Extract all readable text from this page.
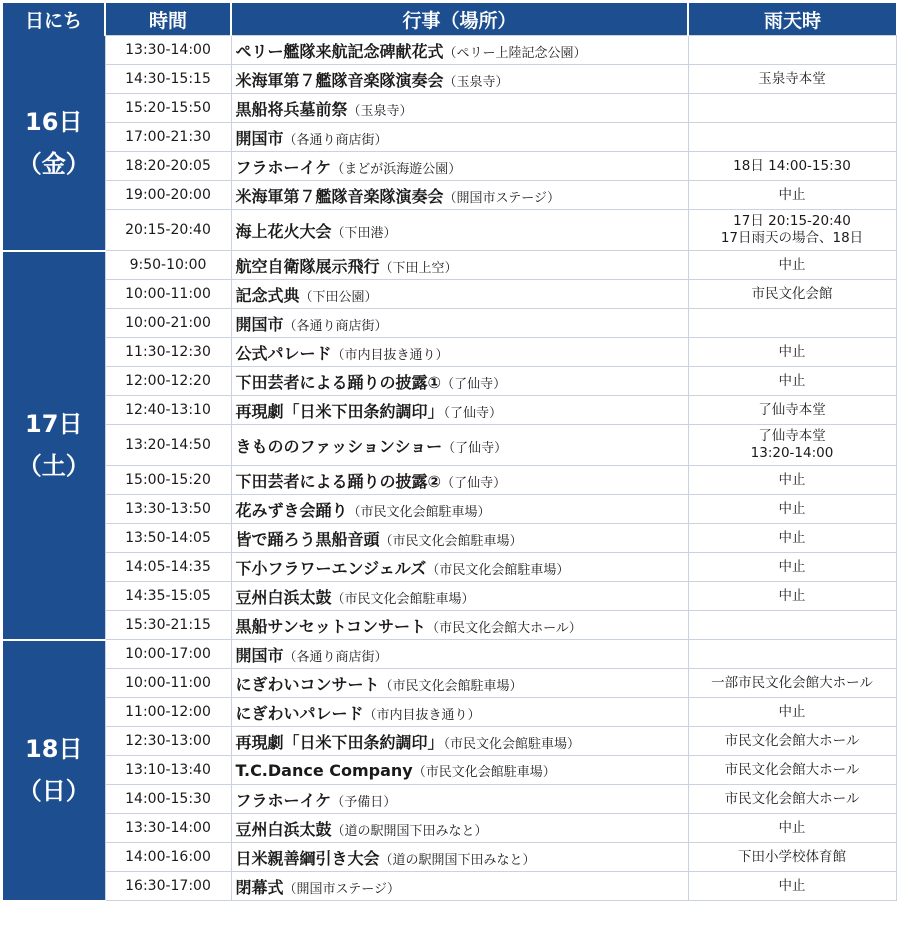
日にち	時間	行事（場所）	雨天時

16日
（金）	13:30-14:00	ペリー艦隊来航記念碑献花式（ペリー上陸記念公園）	

	14:30-15:15	米海軍第７艦隊音楽隊演奏会（玉泉寺）	玉泉寺本堂

	15:20-15:50	黒船将兵墓前祭（玉泉寺）	

	17:00-21:30	開国市（各通り商店街）	

	18:20-20:05	フラホーイケ（まどが浜海遊公園）	18日 14:00-15:30

	19:00-20:00	米海軍第７艦隊音楽隊演奏会（開国市ステージ）	中止

	20:15-20:40	海上花火大会（下田港）	17日 20:15-20:40
17日雨天の場合、18日

17日
（土）	9:50-10:00	航空自衛隊展示飛行（下田上空）	中止

	10:00-11:00	記念式典（下田公園）	市民文化会館

	10:00-21:00	開国市（各通り商店街）	

	11:30-12:30	公式パレード（市内目抜き通り）	中止

	12:00-12:20	下田芸者による踊りの披露①（了仙寺）	中止

	12:40-13:10	再現劇「日米下田条約調印」（了仙寺）	了仙寺本堂

	13:20-14:50	きもののファッションショー（了仙寺）	了仙寺本堂
13:20-14:00

	15:00-15:20	下田芸者による踊りの披露②（了仙寺）	中止

	13:30-13:50	花みずき会踊り（市民文化会館駐車場）	中止

	13:50-14:05	皆で踊ろう黒船音頭（市民文化会館駐車場）	中止

	14:05-14:35	下小フラワーエンジェルズ（市民文化会館駐車場）	中止

	14:35-15:05	豆州白浜太鼓（市民文化会館駐車場）	中止

	15:30-21:15	黒船サンセットコンサート（市民文化会館大ホール）	

18日
（日）	10:00-17:00	開国市（各通り商店街）	

	10:00-11:00	にぎわいコンサート（市民文化会館駐車場）	一部市民文化会館大ホール

	11:00-12:00	にぎわいパレード（市内目抜き通り）	中止

	12:30-13:00	再現劇「日米下田条約調印」（市民文化会館駐車場）	市民文化会館大ホール

	13:10-13:40	T.C.Dance Company（市民文化会館駐車場）	市民文化会館大ホール

	14:00-15:30	フラホーイケ（予備日）	市民文化会館大ホール

	13:30-14:00	豆州白浜太鼓（道の駅開国下田みなと）	中止

	14:00-16:00	日米親善綱引き大会（道の駅開国下田みなと）	下田小学校体育館

	16:30-17:00	閉幕式（開国市ステージ）	中止
